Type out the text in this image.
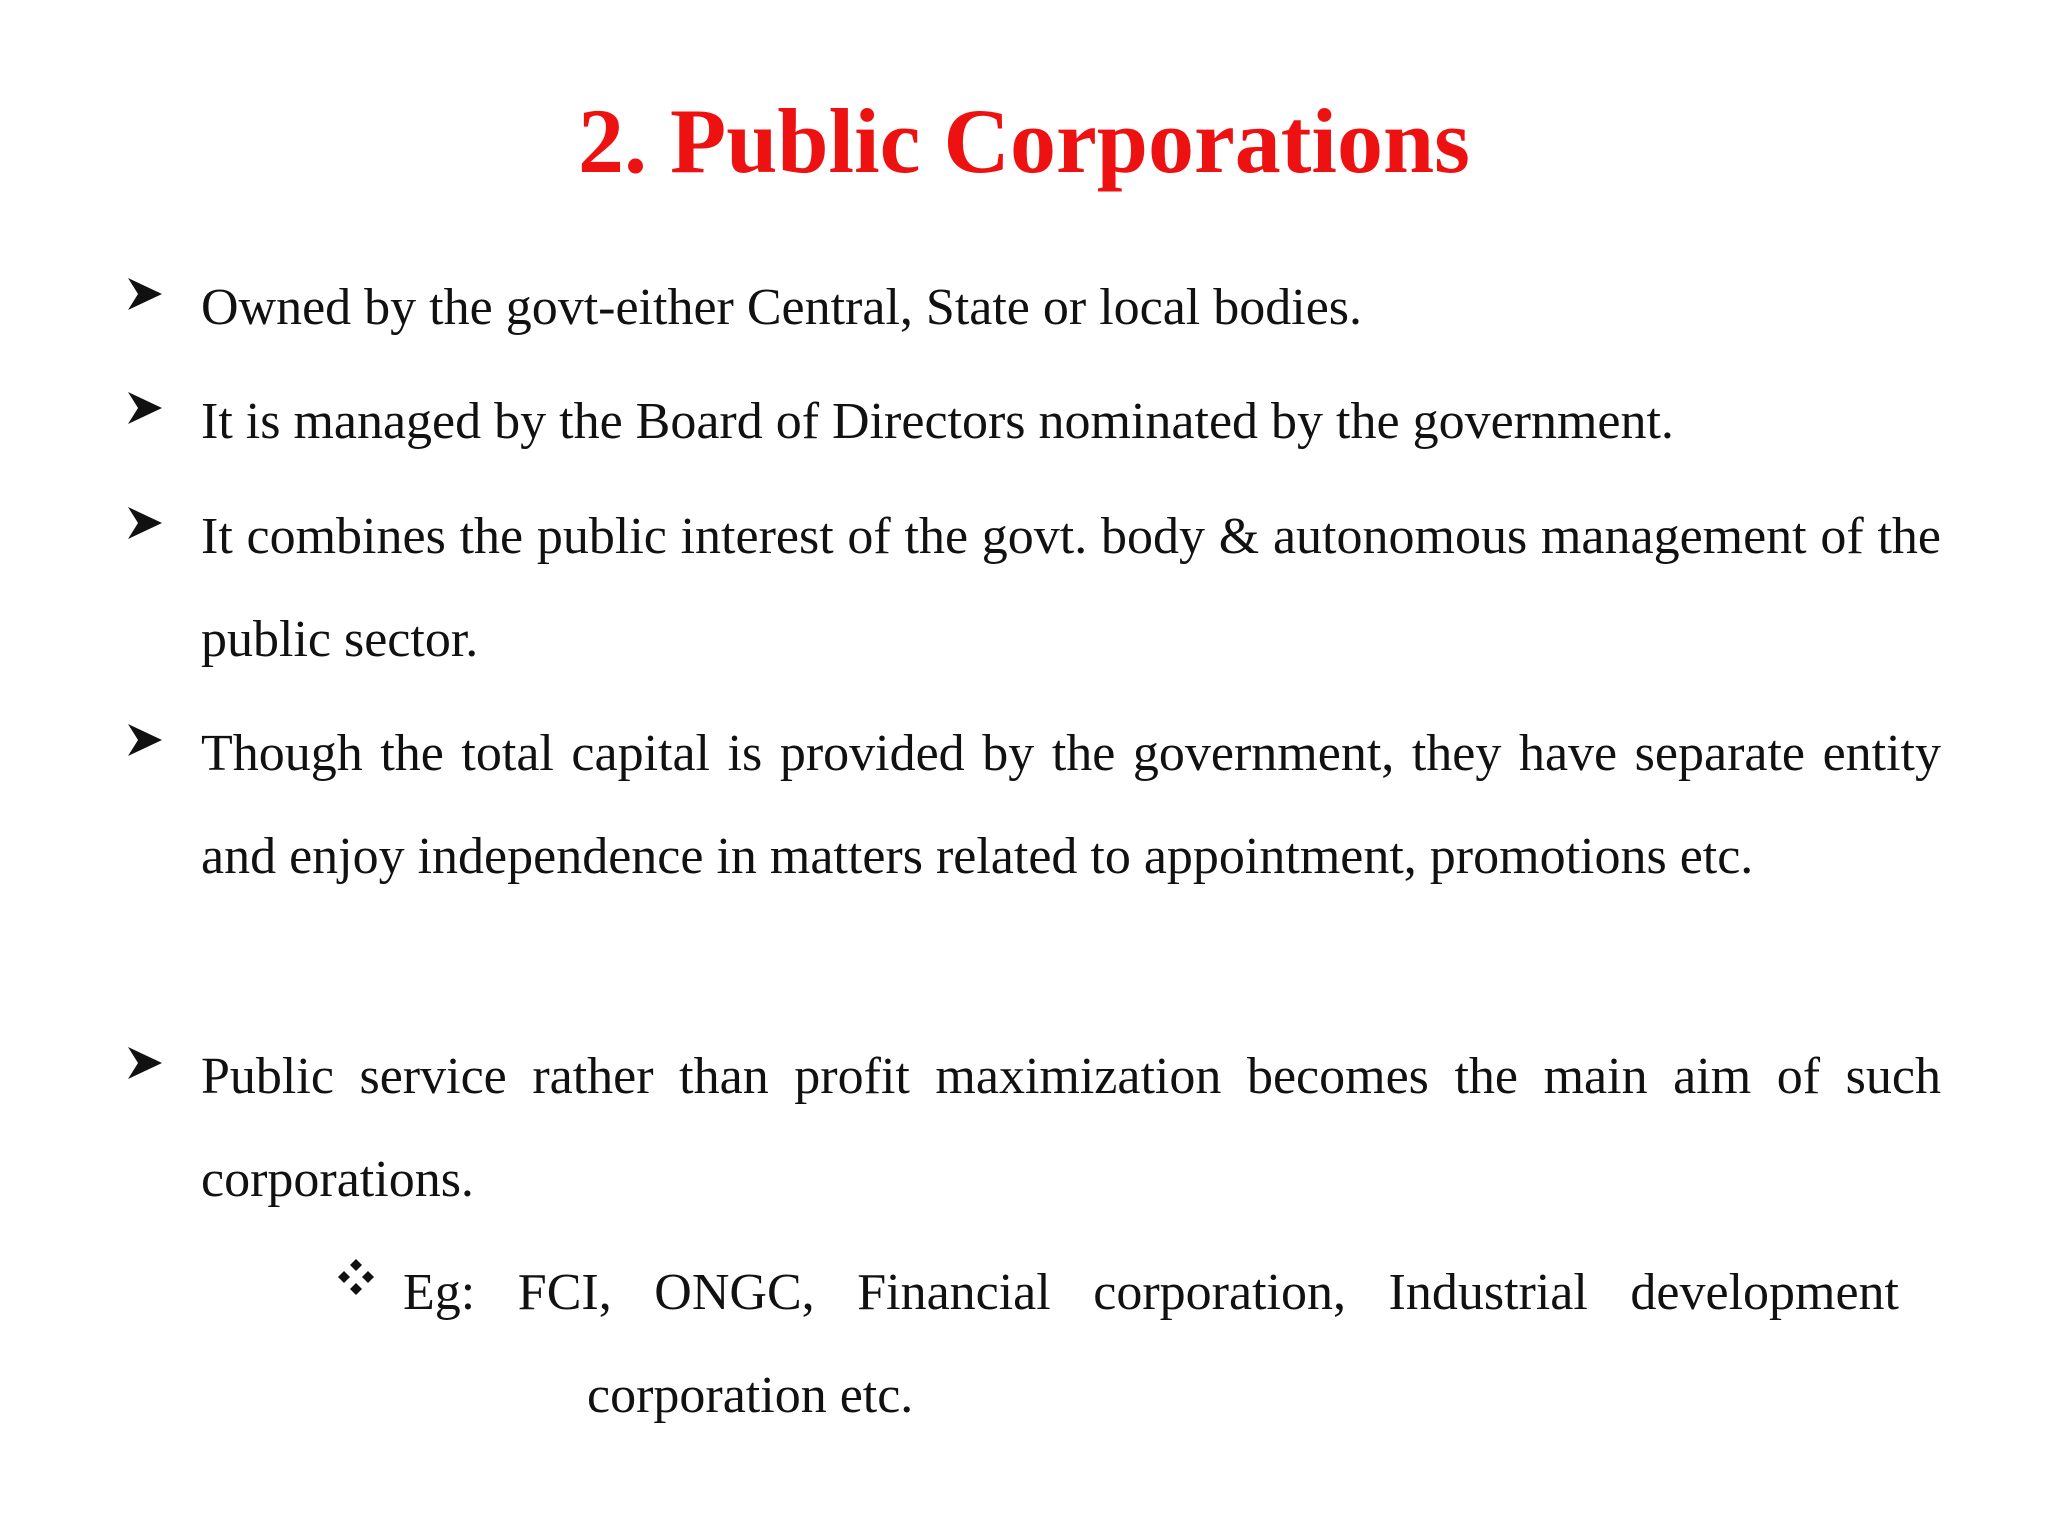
2. Public Corporations
Owned by the govt-either Central, State or local bodies.
It is managed by the Board of Directors nominated by the government.
It combines the public interest of the govt. body & autonomous management of the public sector.
Though the total capital is provided by the government, they have separate entity and enjoy independence in matters related to appointment, promotions etc.
Public service rather than profit maximization becomes the main aim of such corporations.
Eg: FCI, ONGC, Financial corporation, Industrial development
corporation etc.
